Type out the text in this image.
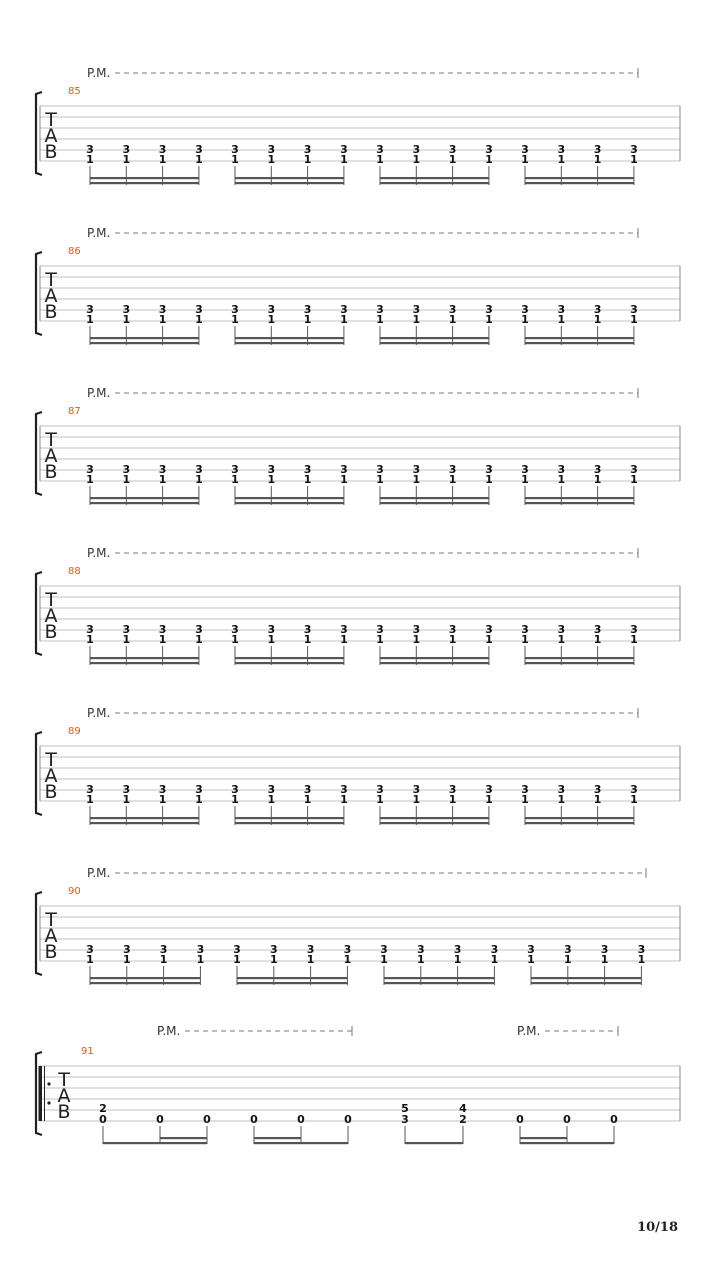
P.M.
85
T
A
B	3
1
3
1
3
1
3
1
3
1
3
1
3
1
3
1
3
1
3
1
3
1
3
1
3
1
3
1
3
1
3
1
P.M.
86
T
A
B	3
1
3
1
3
1
3
1
3
1
3
1
3
1
3
1
3
1
3
1
3
1
3
1
3
1
3
1
3
1
3
1
P.M.
87
T
A
B	3
1
3
1
3
1
3
1
3
1
3
1
3
1
3
1
3
1
3
1
3
1
3
1
3
1
3
1
3
1
3
1
P.M.
88
T
A
B	3
1
3
1
3
1
3
1
3
1
3
1
3
1
3
1
3
1
3
1
3
1
3
1
3
1
3
1
3
1
3
1
P.M.
89
T
A
B	3
1
3
1
3
1
3
1
3
1
3
1
3
1
3
1
3
1
3
1
3
1
3
1
3
1
3
1
3
1
3
1
P.M.
90
T
A
B	3
1
3
1
3
1
3
1
3
1
3
1
3
1
3
1
3
1
3
1
3
1
3
1
3
1
3
1
3
1
3
1
P.M.	P.M.
91
T
A
B	2
0	0	0	0	0	0
5
3
4
2	0	0	0
10/18
